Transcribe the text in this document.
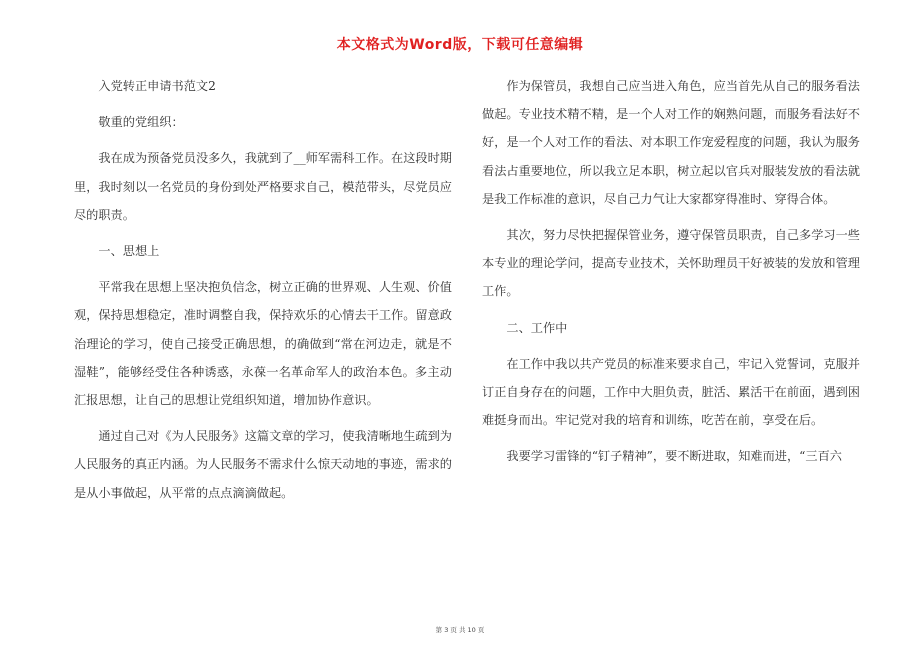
本文格式为Word版，下载可任意编辑

入党转正申请书范文2

敬重的党组织：

我在成为预备党员没多久，我就到了__师军需科工作。在这段时期里，我时刻以一名党员的身份到处严格要求自己，模范带头，尽党员应尽的职责。

一、思想上

平常我在思想上坚决抱负信念，树立正确的世界观、人生观、价值观，保持思想稳定，准时调整自我，保持欢乐的心情去干工作。留意政治理论的学习，使自己接受正确思想，的确做到“常在河边走，就是不湿鞋”，能够经受住各种诱惑，永葆一名革命军人的政治本色。多主动汇报思想，让自己的思想让党组织知道，增加协作意识。

通过自己对《为人民服务》这篇文章的学习，使我清晰地生疏到为人民服务的真正内涵。为人民服务不需求什么惊天动地的事迹，需求的是从小事做起，从平常的点点滴滴做起。

作为保管员，我想自己应当进入角色，应当首先从自己的服务看法做起。专业技术精不精，是一个人对工作的娴熟问题，而服务看法好不好，是一个人对工作的看法、对本职工作宠爱程度的问题，我认为服务看法占重要地位，所以我立足本职，树立起以官兵对服装发放的看法就是我工作标准的意识，尽自己力气让大家都穿得准时、穿得合体。

其次，努力尽快把握保管业务，遵守保管员职责，自己多学习一些本专业的理论学问，提高专业技术，关怀助理员干好被装的发放和管理工作。

二、工作中

在工作中我以共产党员的标准来要求自己，牢记入党誓词，克服并订正自身存在的问题，工作中大胆负责，脏活、累活干在前面，遇到困难挺身而出。牢记党对我的培育和训练，吃苦在前，享受在后。

我要学习雷锋的“钉子精神”，要不断进取，知难而进，“三百六

第 3 页 共 10 页
